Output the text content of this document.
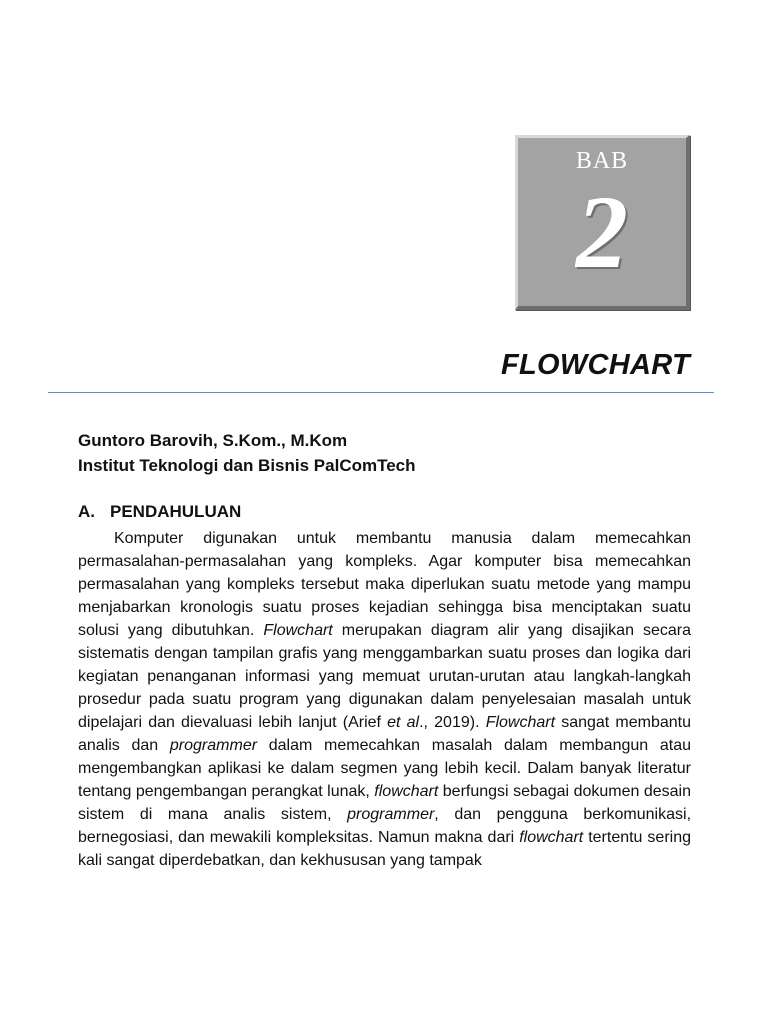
BAB
2
FLOWCHART
Guntoro Barovih, S.Kom., M.Kom
Institut Teknologi dan Bisnis PalComTech
A. PENDAHULUAN

Komputer digunakan untuk membantu manusia dalam memecahkan permasalahan-permasalahan yang kompleks. Agar komputer bisa memecahkan permasalahan yang kompleks tersebut maka diperlukan suatu metode yang mampu menjabarkan kronologis suatu proses kejadian sehingga bisa menciptakan suatu solusi yang dibutuhkan. Flowchart merupakan diagram alir yang disajikan secara sistematis dengan tampilan grafis yang menggambarkan suatu proses dan logika dari kegiatan penanganan informasi yang memuat urutan-urutan atau langkah-langkah prosedur pada suatu program yang digunakan dalam penyelesaian masalah untuk dipelajari dan dievaluasi lebih lanjut (Arief et al., 2019). Flowchart sangat membantu analis dan programmer dalam memecahkan masalah dalam membangun atau mengembangkan aplikasi ke dalam segmen yang lebih kecil. Dalam banyak literatur tentang pengembangan perangkat lunak, flowchart berfungsi sebagai dokumen desain sistem di mana analis sistem, programmer, dan pengguna berkomunikasi, bernegosiasi, dan mewakili kompleksitas. Namun makna dari flowchart tertentu sering kali sangat diperdebatkan, dan kekhususan yang tampak
